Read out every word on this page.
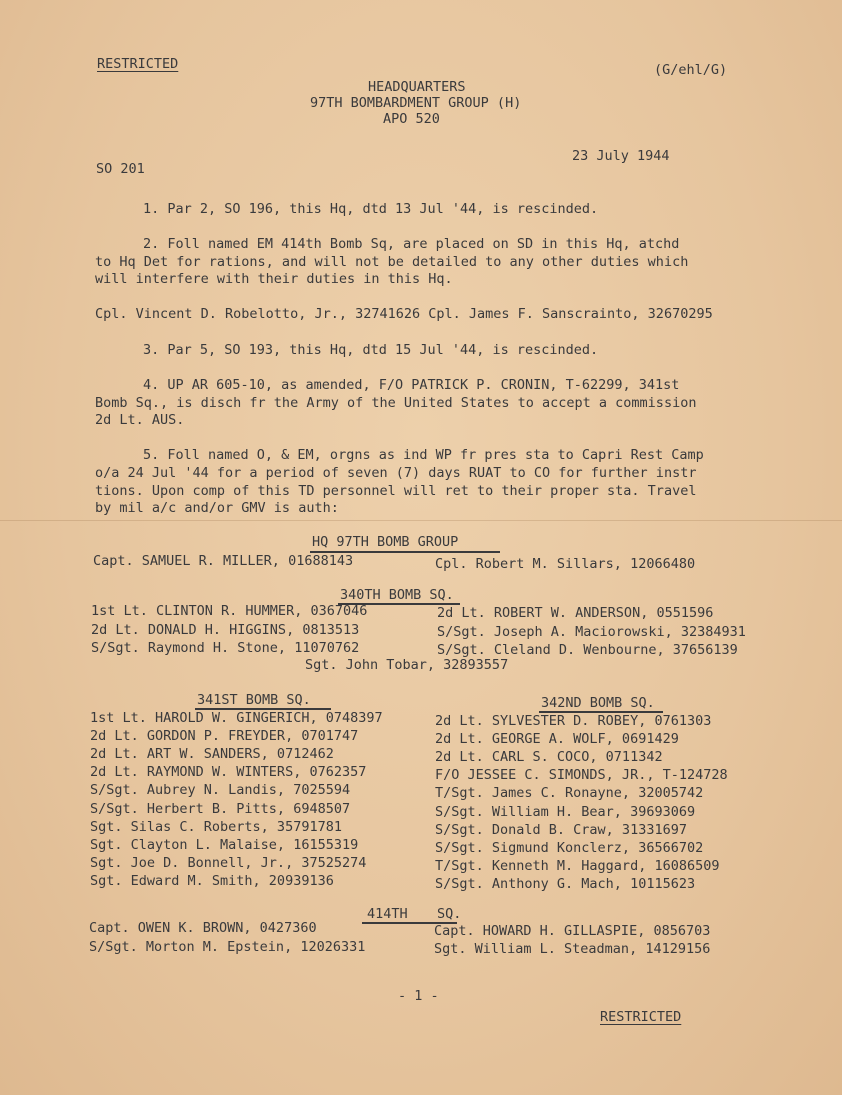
RESTRICTED	(G/ehl/G)
HEADQUARTERS
97TH BOMBARDMENT GROUP (H)
APO 520
23 July 1944
SO 201
1. Par 2, SO 196, this Hq, dtd 13 Jul '44, is rescinded.
2. Foll named EM 414th Bomb Sq, are placed on SD in this Hq, atchd
to Hq Det for rations, and will not be detailed to any other duties which
will interfere with their duties in this Hq.
Cpl. Vincent D. Robelotto, Jr., 32741626 Cpl. James F. Sanscrainto, 32670295
3. Par 5, SO 193, this Hq, dtd 15 Jul '44, is rescinded.
4. UP AR 605-10, as amended, F/O PATRICK P. CRONIN, T-62299, 341st
Bomb Sq., is disch fr the Army of the United States to accept a commission
2d Lt. AUS.
5. Foll named O, & EM, orgns as ind WP fr pres sta to Capri Rest Camp
o/a 24 Jul '44 for a period of seven (7) days RUAT to CO for further instr
tions. Upon comp of this TD personnel will ret to their proper sta. Travel
by mil a/c and/or GMV is auth:
HQ 97TH BOMB GROUP
Capt. SAMUEL R. MILLER, 01688143	Cpl. Robert M. Sillars, 12066480
340TH BOMB SQ.
1st Lt. CLINTON R. HUMMER, 0367046
2d Lt. DONALD H. HIGGINS, 0813513
S/Sgt. Raymond H. Stone, 11070762
2d Lt. ROBERT W. ANDERSON, 0551596
S/Sgt. Joseph A. Maciorowski, 32384931
S/Sgt. Cleland D. Wenbourne, 37656139
Sgt. John Tobar, 32893557
341ST BOMB SQ.
1st Lt. HAROLD W. GINGERICH, 0748397
2d Lt. GORDON P. FREYDER, 0701747
2d Lt. ART W. SANDERS, 0712462
2d Lt. RAYMOND W. WINTERS, 0762357
S/Sgt. Aubrey N. Landis, 7025594
S/Sgt. Herbert B. Pitts, 6948507
Sgt. Silas C. Roberts, 35791781
Sgt. Clayton L. Malaise, 16155319
Sgt. Joe D. Bonnell, Jr., 37525274
Sgt. Edward M. Smith, 20939136
342ND BOMB SQ.
2d Lt. SYLVESTER D. ROBEY, 0761303
2d Lt. GEORGE A. WOLF, 0691429
2d Lt. CARL S. COCO, 0711342
F/O JESSEE C. SIMONDS, JR., T-124728
T/Sgt. James C. Ronayne, 32005742
S/Sgt. William H. Bear, 39693069
S/Sgt. Donald B. Craw, 31331697
S/Sgt. Sigmund Konclerz, 36566702
T/Sgt. Kenneth M. Haggard, 16086509
S/Sgt. Anthony G. Mach, 10115623
414TH SQ.
Capt. OWEN K. BROWN, 0427360
S/Sgt. Morton M. Epstein, 12026331
Capt. HOWARD H. GILLASPIE, 0856703
Sgt. William L. Steadman, 14129156
- 1 -
RESTRICTED
